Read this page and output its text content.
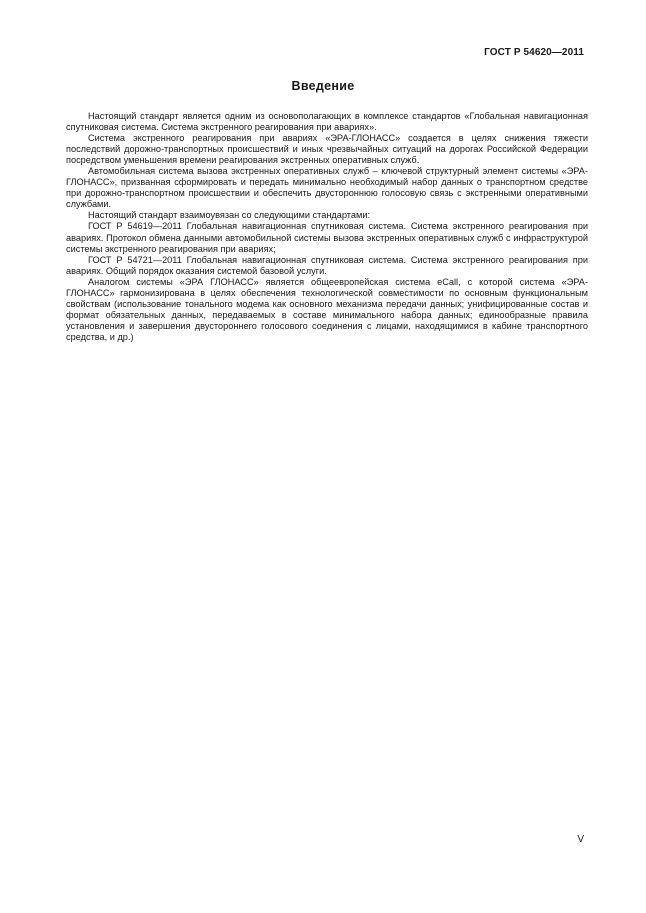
ГОСТ Р 54620—2011
Введение

Настоящий стандарт является одним из основополагающих в комплексе стандартов «Глобальная навигационная спутниковая система. Система экстренного реагирования при авариях».

Система экстренного реагирования при авариях «ЭРА-ГЛОНАСС» создается в целях снижения тяжести последствий дорожно-транспортных происшествий и иных чрезвычайных ситуаций на дорогах Российской Федерации посредством уменьшения времени реагирования экстренных оперативных служб.

Автомобильная система вызова экстренных оперативных служб – ключевой структурный элемент системы «ЭРА-ГЛОНАСС», призванная сформировать и передать минимально необходимый набор данных о транспортном средстве при дорожно-транспортном происшествии и обеспечить двустороннюю голосовую связь с экстренными оперативными службами.

Настоящий стандарт взаимоувязан со следующими стандартами:

ГОСТ Р 54619—2011 Глобальная навигационная спутниковая система. Система экстренного реагирования при авариях. Протокол обмена данными автомобильной системы вызова экстренных оперативных служб с инфраструктурой системы экстренного реагирования при авариях;

ГОСТ Р 54721—2011 Глобальная навигационная спутниковая система. Система экстренного реагирования при авариях. Общий порядок оказания системой базовой услуги.

Аналогом системы «ЭРА ГЛОНАСС» является общеевропейская система eCall, с которой система «ЭРА-ГЛОНАСС» гармонизирована в целях обеспечения технологической совместимости по основным функциональным свойствам (использование тонального модема как основного механизма передачи данных; унифицированные состав и формат обязательных данных, передаваемых в составе минимального набора данных; единообразные правила установления и завершения двустороннего голосового соединения с лицами, находящимися в кабине транспортного средства, и др.)

V
